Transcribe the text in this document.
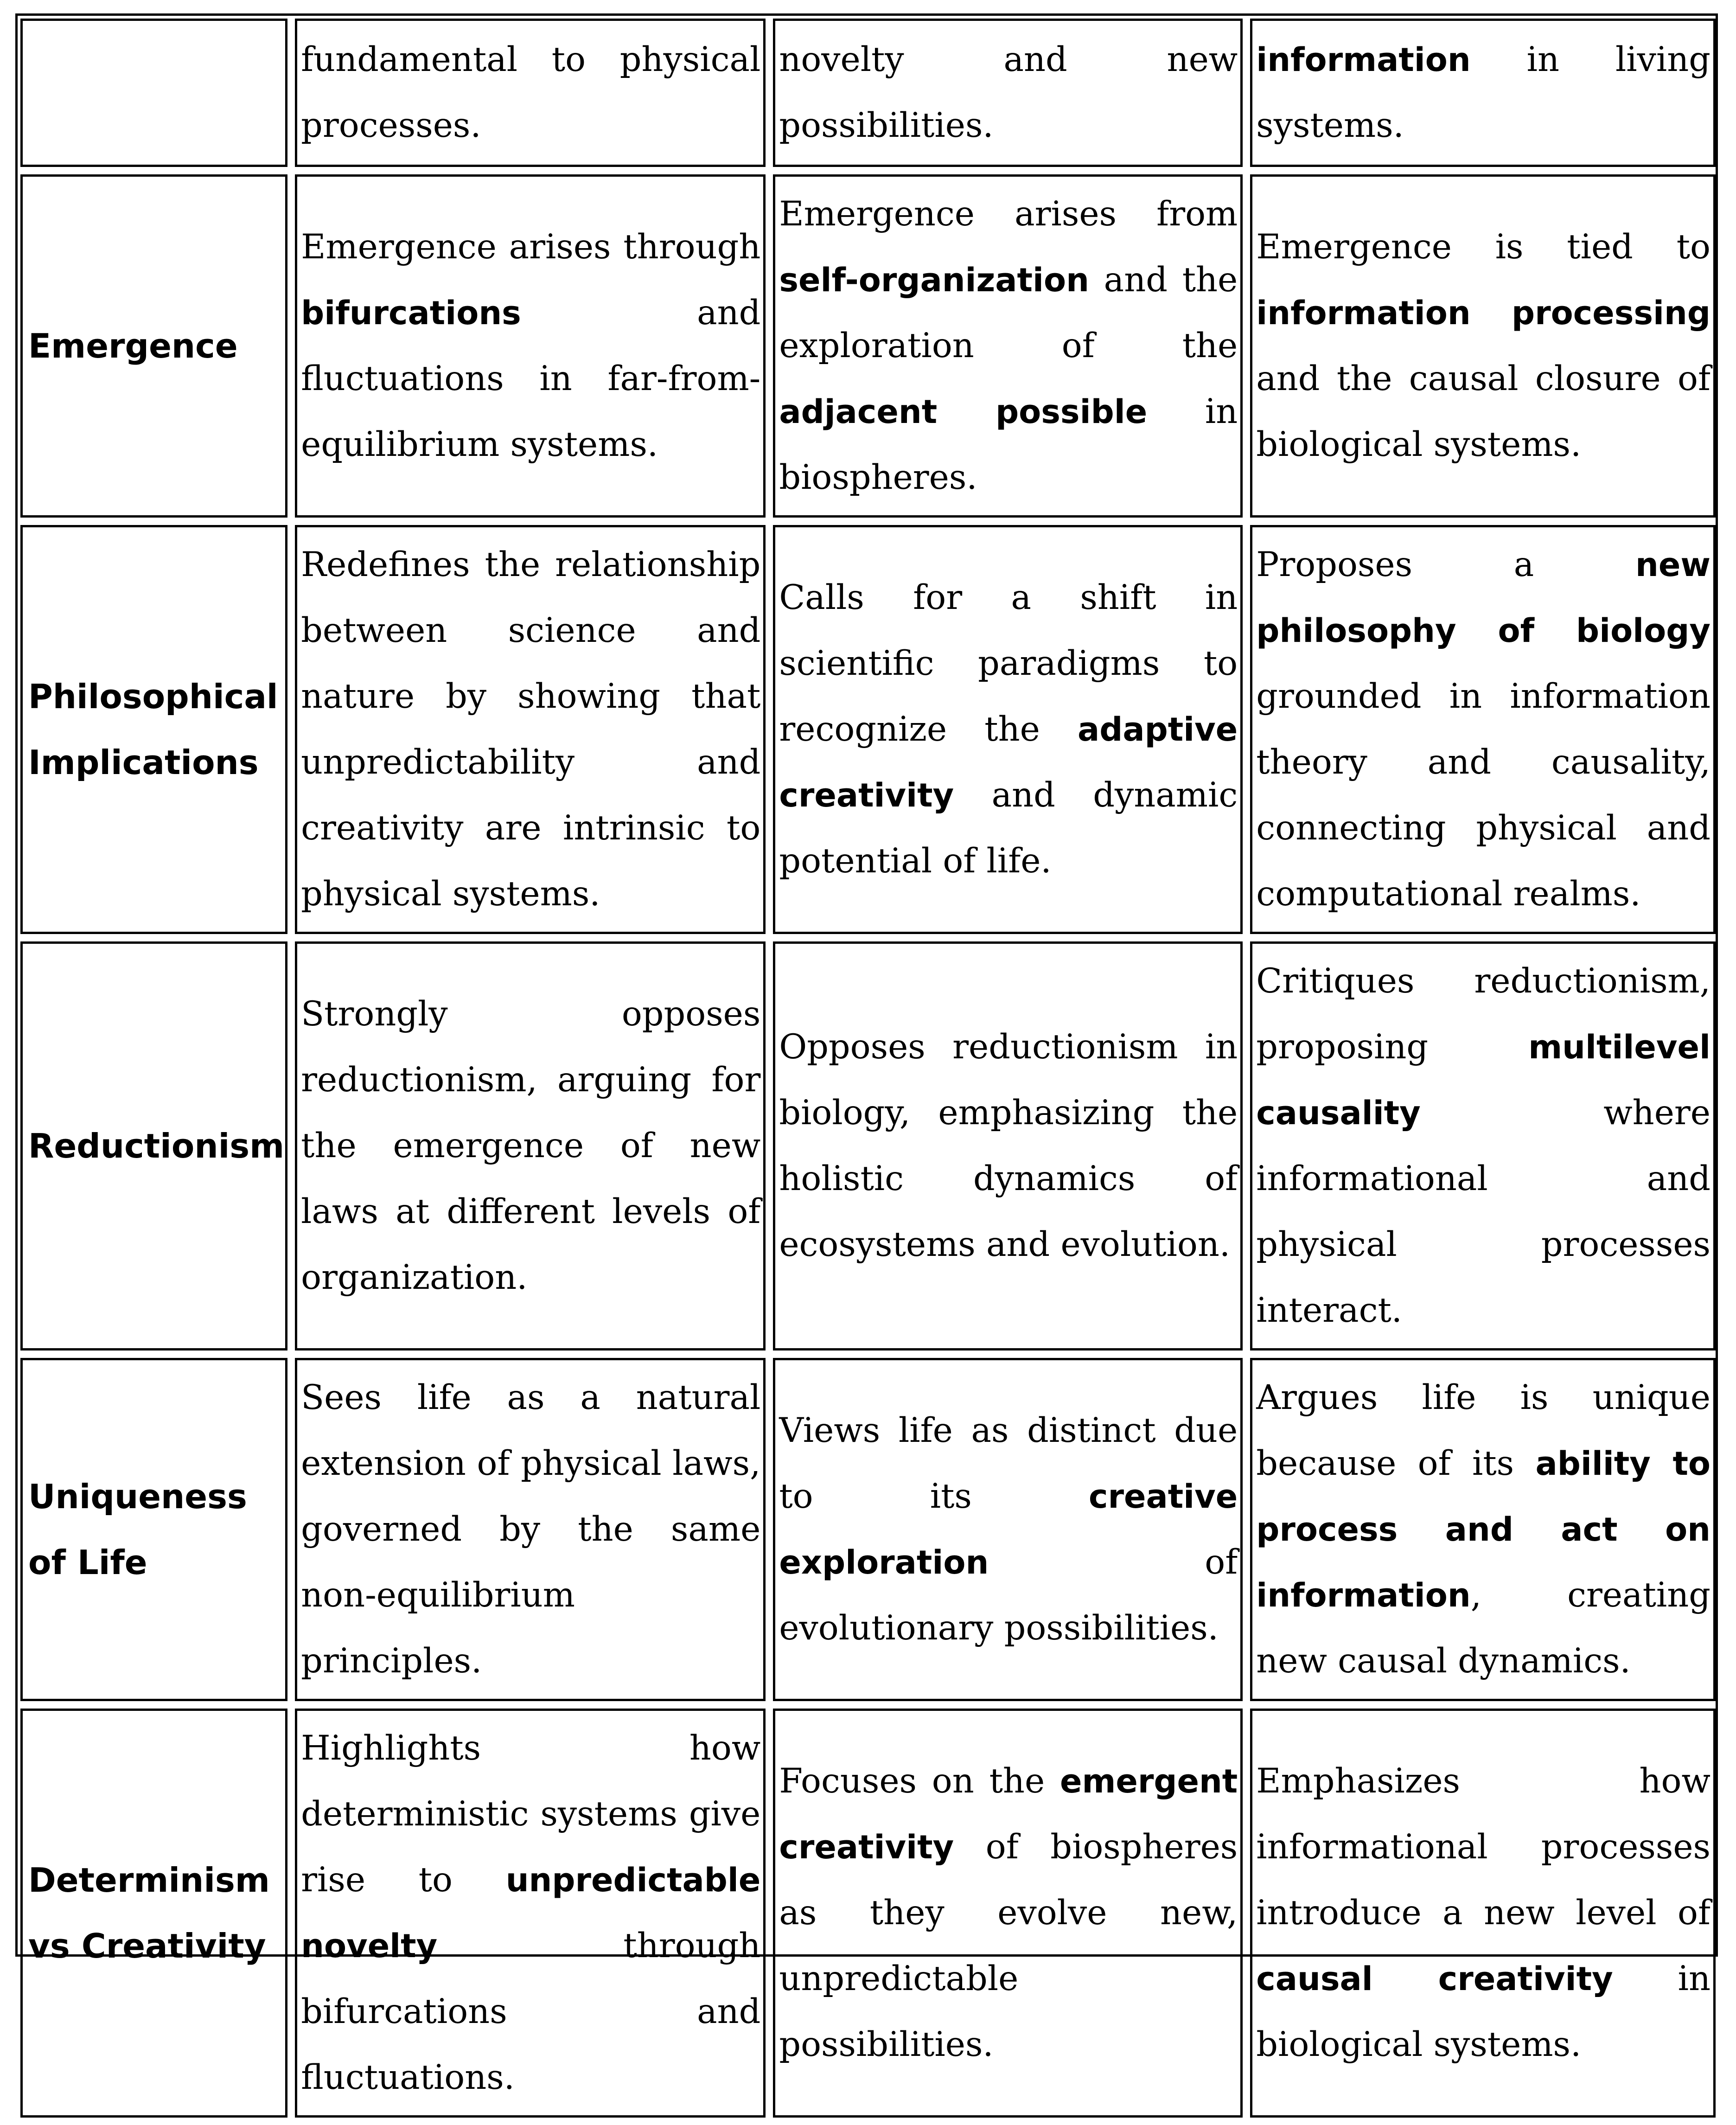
	fundamental to physical processes.	novelty and new possibilities.	information in living systems.
Emergence	Emergence arises through bifurcations and fluctuations in far-from-equilibrium systems.	Emergence arises from self-organization and the exploration of the adjacent possible in biospheres.	Emergence is tied to information processing and the causal closure of biological systems.
Philosophical Implications	Redefines the relationship between science and nature by showing that unpredictability and creativity are intrinsic to physical systems.	Calls for a shift in scientific paradigms to recognize the adaptive creativity and dynamic potential of life.	Proposes a new philosophy of biology grounded in information theory and causality, connecting physical and computational realms.
Reductionism	Strongly opposes reductionism, arguing for the emergence of new laws at different levels of organization.	Opposes reductionism in biology, emphasizing the holistic dynamics of ecosystems and evolution.	Critiques reductionism, proposing multilevel causality where informational and physical processes interact.
Uniqueness of Life	Sees life as a natural extension of physical laws, governed by the same non-equilibrium principles.	Views life as distinct due to its creative exploration of evolutionary possibilities.	Argues life is unique because of its ability to process and act on information, creating new causal dynamics.
Determinism vs Creativity	Highlights how deterministic systems give rise to unpredictable novelty through bifurcations and fluctuations.	Focuses on the emergent creativity of biospheres as they evolve new, unpredictable possibilities.	Emphasizes how informational processes introduce a new level of causal creativity in biological systems.
